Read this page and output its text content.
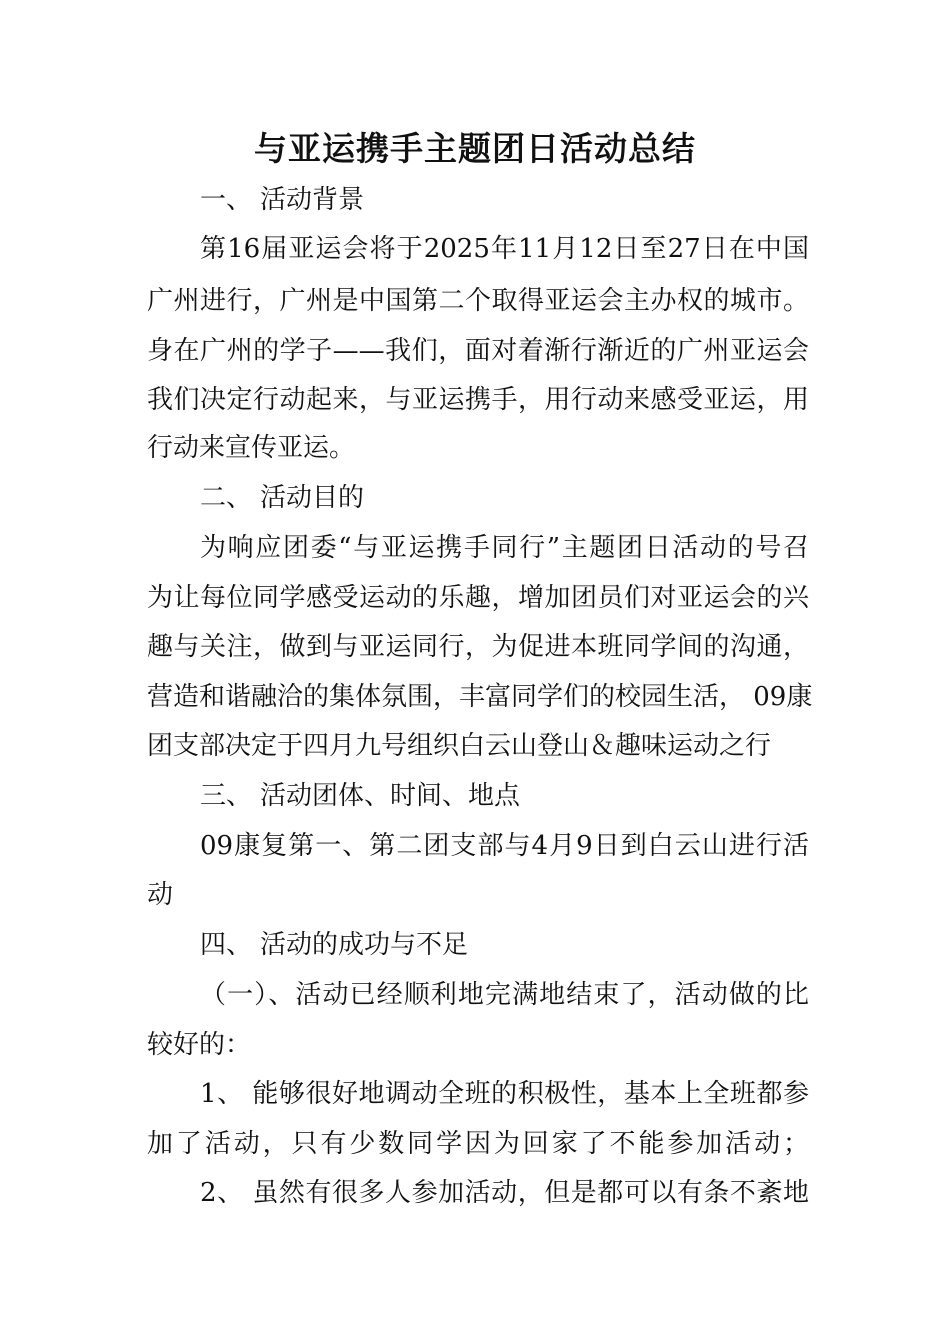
与亚运携手主题团日活动总结
一、 活动背景
第16届亚运会将于2025年11月12日至27日在中国
广州进行，广州是中国第二个取得亚运会主办权的城市。
身在广州的学子——我们，面对着渐行渐近的广州亚运会
我们决定行动起来，与亚运携手，用行动来感受亚运，用
行动来宣传亚运。
二、 活动目的
为响应团委“与亚运携手同行”主题团日活动的号召
为让每位同学感受运动的乐趣，增加团员们对亚运会的兴
趣与关注，做到与亚运同行，为促进本班同学间的沟通，
营造和谐融洽的集体氛围，丰富同学们的校园生活， 09康
团支部决定于四月九号组织白云山登山＆趣味运动之行
三、 活动团体、时间、地点
09康复第一、第二团支部与4月9日到白云山进行活
动
四、 活动的成功与不足
（一）、活动已经顺利地完满地结束了，活动做的比
较好的：
1、 能够很好地调动全班的积极性，基本上全班都参
加了活动，只有少数同学因为回家了不能参加活动；
2、 虽然有很多人参加活动，但是都可以有条不紊地
